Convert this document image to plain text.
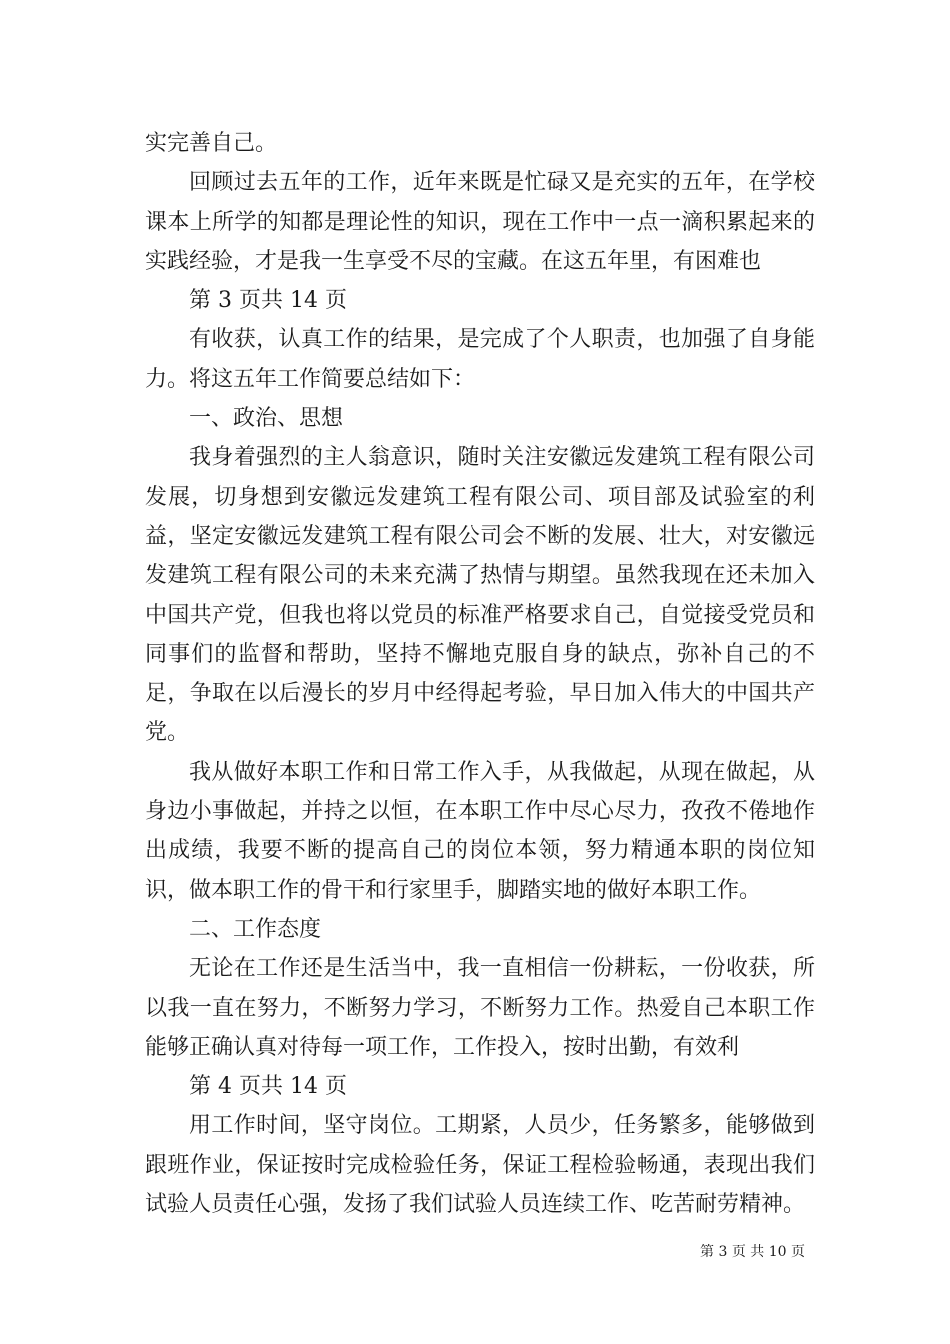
实完善自己。

回顾过去五年的工作，近年来既是忙碌又是充实的五年，在学校课本上所学的知都是理论性的知识，现在工作中一点一滴积累起来的实践经验，才是我一生享受不尽的宝藏。在这五年里，有困难也

第 3 页共 14 页

有收获，认真工作的结果，是完成了个人职责，也加强了自身能力。将这五年工作简要总结如下：

一、政治、思想

我身着强烈的主人翁意识，随时关注安徽远发建筑工程有限公司发展，切身想到安徽远发建筑工程有限公司、项目部及试验室的利益，坚定安徽远发建筑工程有限公司会不断的发展、壮大，对安徽远发建筑工程有限公司的未来充满了热情与期望。虽然我现在还未加入中国共产党，但我也将以党员的标准严格要求自己，自觉接受党员和同事们的监督和帮助，坚持不懈地克服自身的缺点，弥补自己的不足，争取在以后漫长的岁月中经得起考验，早日加入伟大的中国共产党。

我从做好本职工作和日常工作入手，从我做起，从现在做起，从身边小事做起，并持之以恒，在本职工作中尽心尽力，孜孜不倦地作出成绩，我要不断的提高自己的岗位本领，努力精通本职的岗位知识，做本职工作的骨干和行家里手，脚踏实地的做好本职工作。

二、工作态度

无论在工作还是生活当中，我一直相信一份耕耘，一份收获，所以我一直在努力，不断努力学习，不断努力工作。热爱自己本职工作能够正确认真对待每一项工作，工作投入，按时出勤，有效利

第 4 页共 14 页

用工作时间，坚守岗位。工期紧，人员少，任务繁多，能够做到跟班作业，保证按时完成检验任务，保证工程检验畅通，表现出我们试验人员责任心强，发扬了我们试验人员连续工作、吃苦耐劳精神。

第 3 页 共 10 页
